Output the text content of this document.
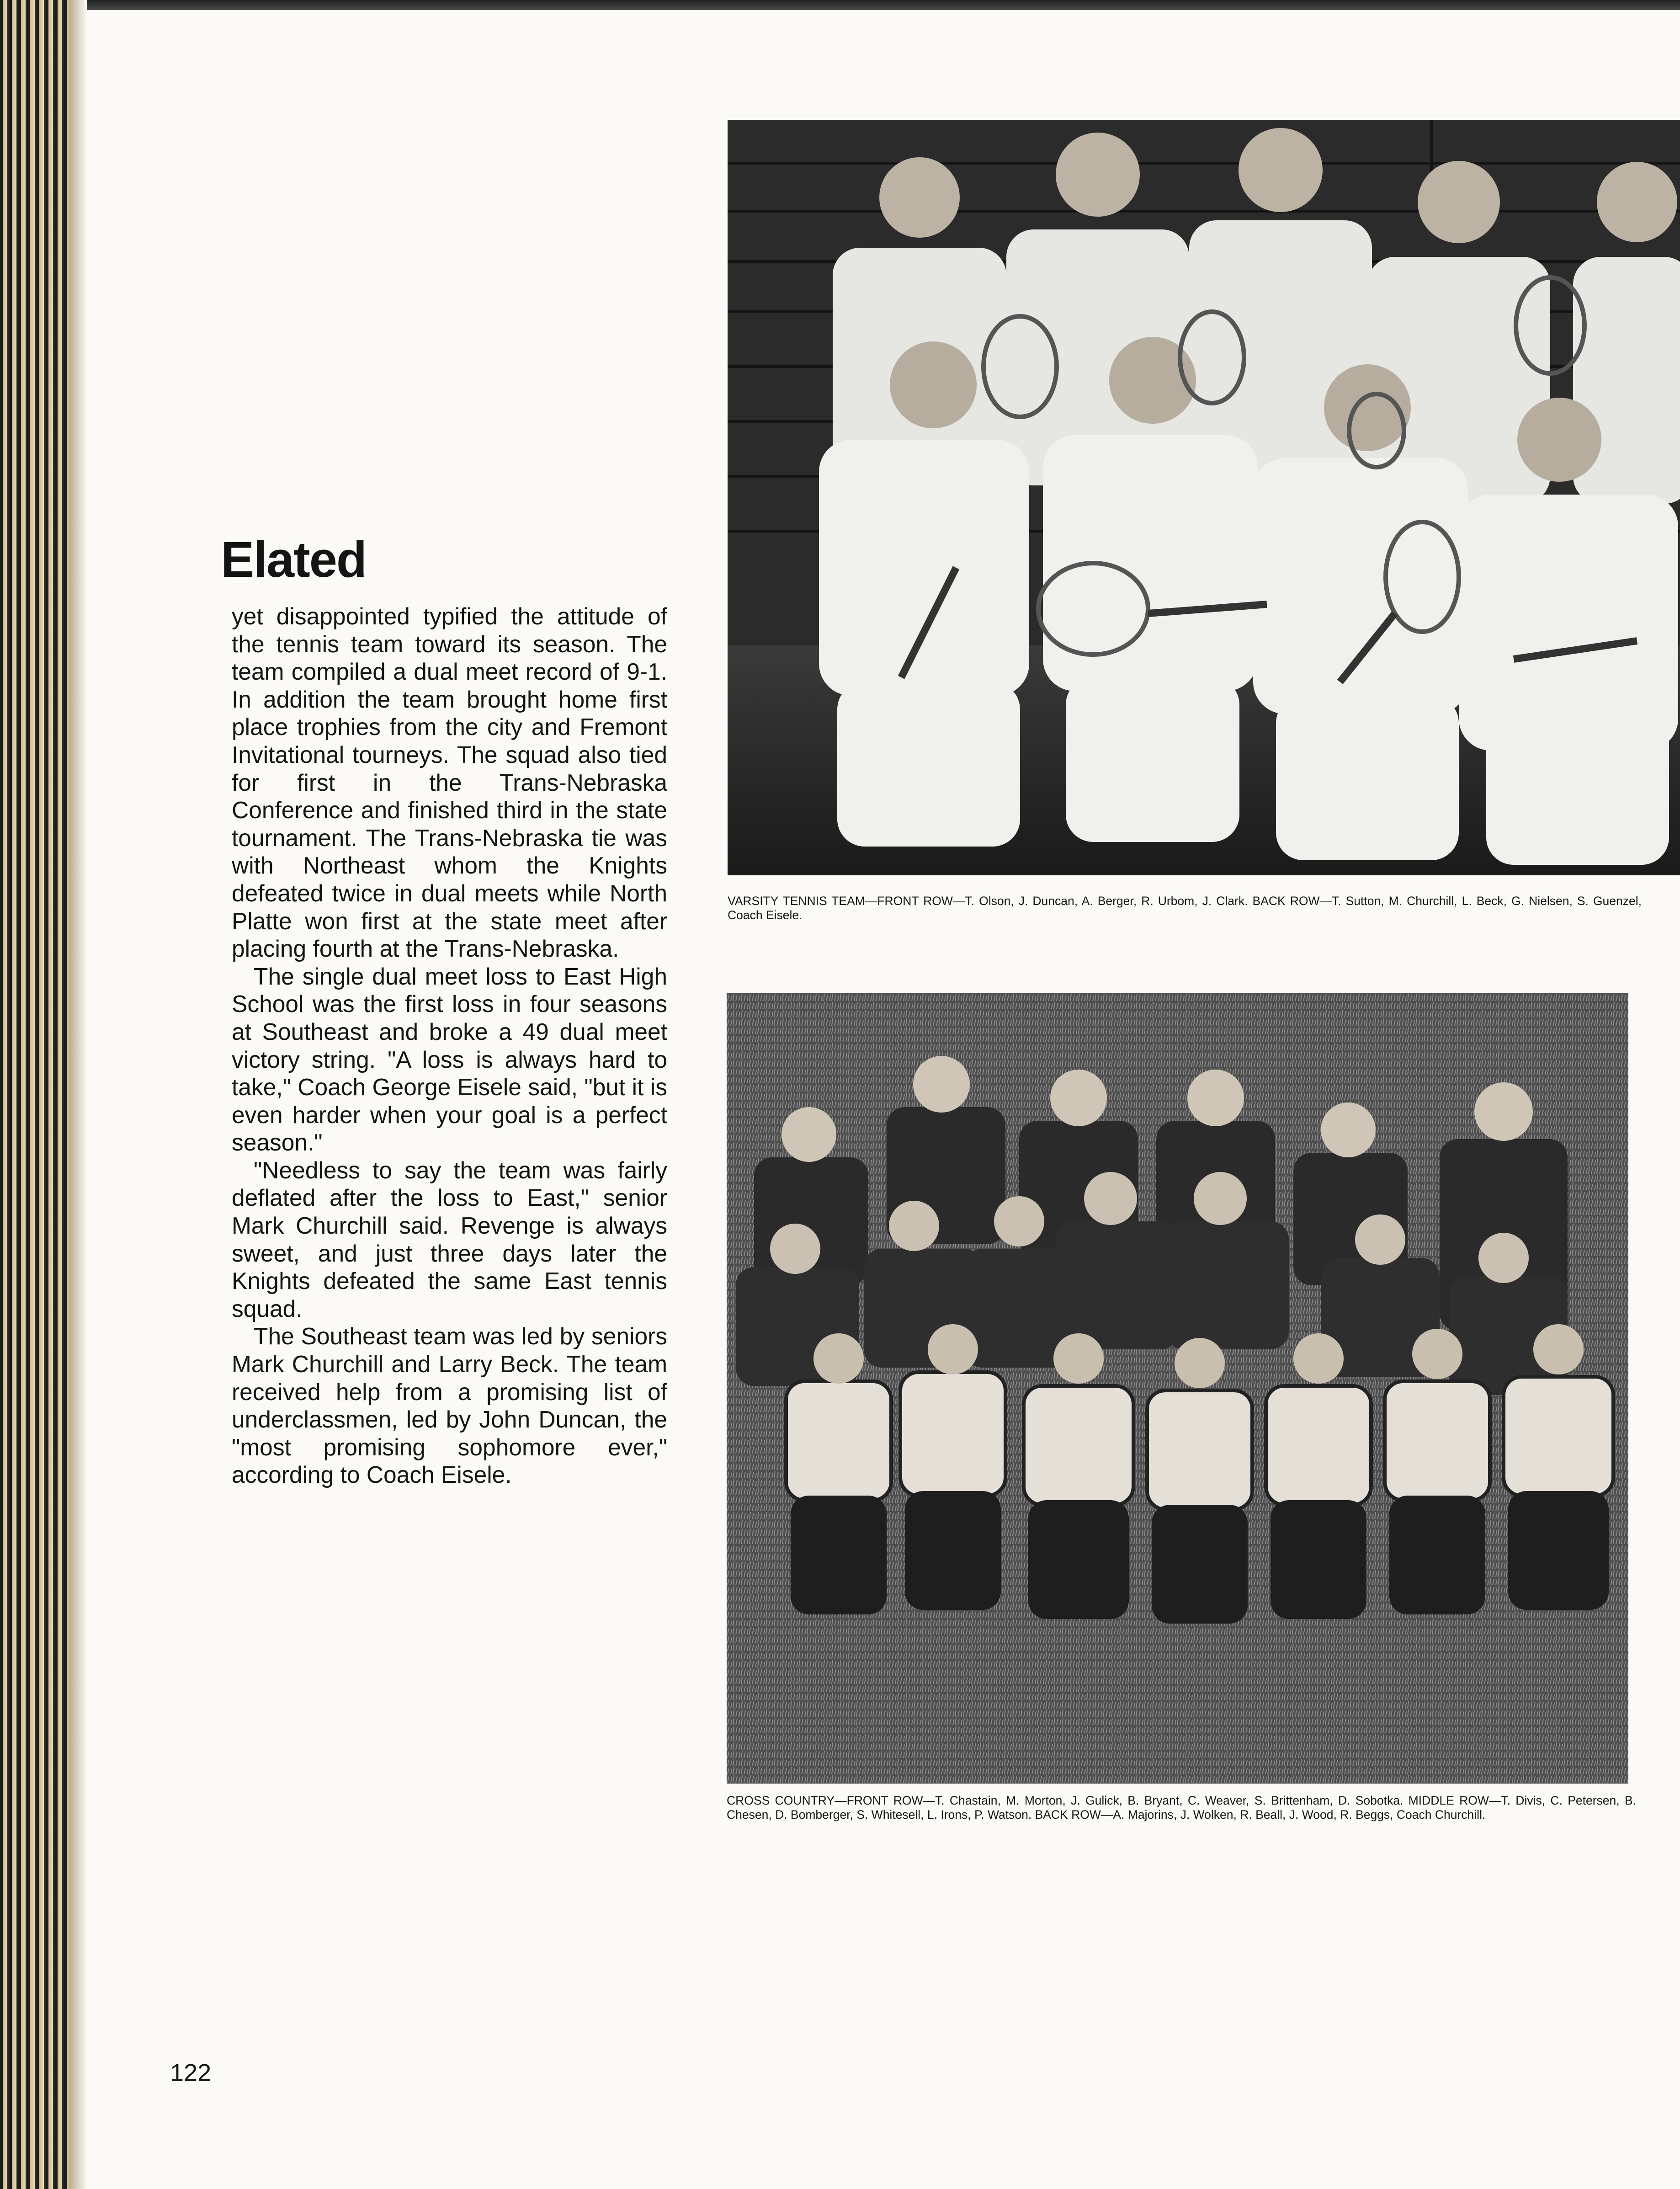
Elated

yet disappointed typified the attitude of the tennis team toward its season. The team compiled a dual meet record of 9-1. In addition the team brought home first place trophies from the city and Fremont Invitational tourneys. The squad also tied for first in the Trans-Nebraska Conference and finished third in the state tournament. The Trans-Nebraska tie was with Northeast whom the Knights defeated twice in dual meets while North Platte won first at the state meet after placing fourth at the Trans-Nebraska.

The single dual meet loss to East High School was the first loss in four seasons at Southeast and broke a 49 dual meet victory string. "A loss is always hard to take," Coach George Eisele said, "but it is even harder when your goal is a perfect season."

"Needless to say the team was fairly deflated after the loss to East," senior Mark Churchill said. Revenge is always sweet, and just three days later the Knights defeated the same East tennis squad.

The Southeast team was led by seniors Mark Churchill and Larry Beck. The team received help from a promising list of underclassmen, led by John Duncan, the "most promising sophomore ever," according to Coach Eisele.

VARSITY TENNIS TEAM—FRONT ROW—T. Olson, J. Duncan, A. Berger, R. Urbom, J. Clark. BACK ROW—T. Sutton, M. Churchill, L. Beck, G. Nielsen, S. Guenzel, Coach Eisele.
CROSS COUNTRY—FRONT ROW—T. Chastain, M. Morton, J. Gulick, B. Bryant, C. Weaver, S. Brittenham, D. Sobotka. MIDDLE ROW—T. Divis, C. Petersen, B. Chesen, D. Bomberger, S. Whitesell, L. Irons, P. Watson. BACK ROW—A. Majorins, J. Wolken, R. Beall, J. Wood, R. Beggs, Coach Churchill.
122
